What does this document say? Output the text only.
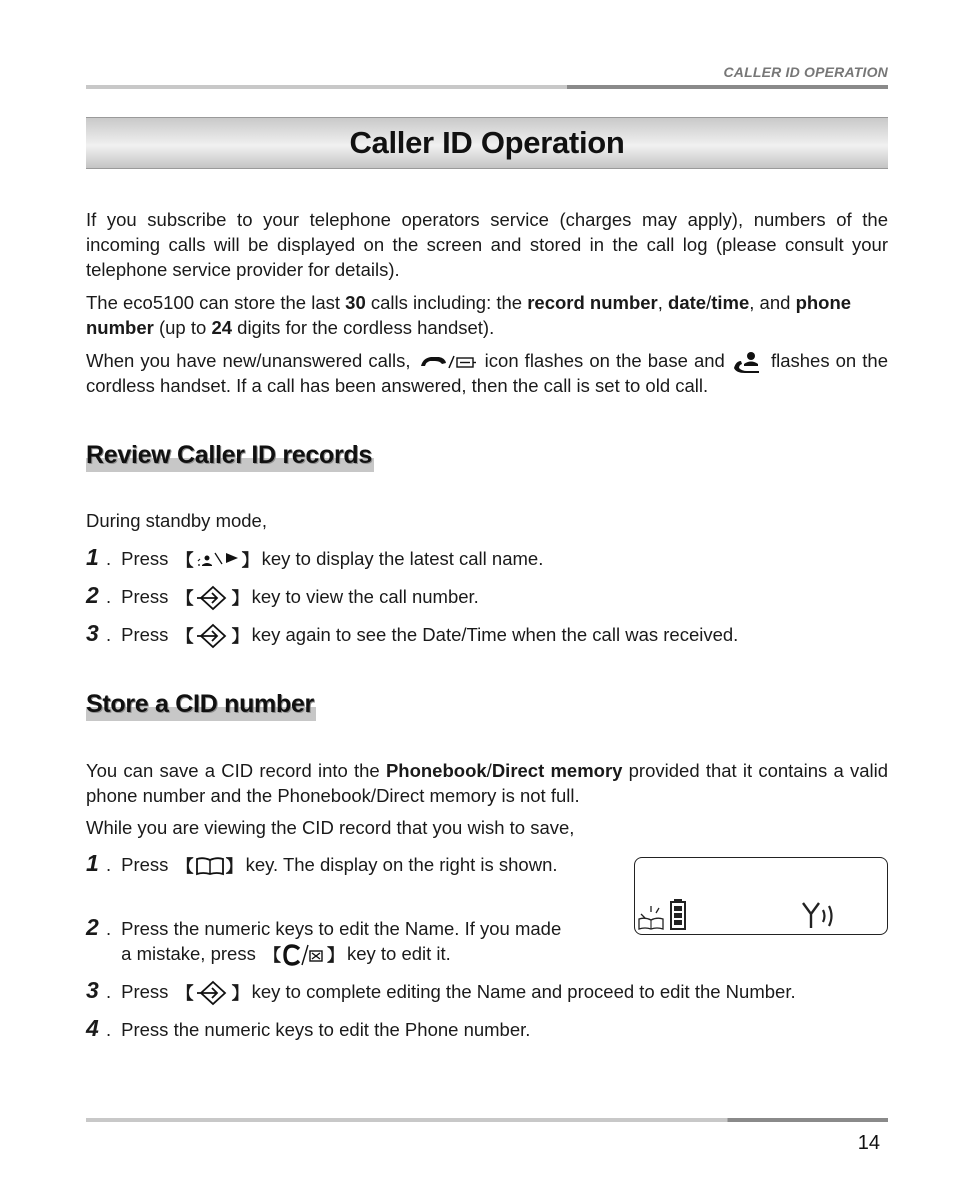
CALLER ID OPERATION
Caller ID Operation

If you subscribe to your telephone operators service (charges may apply), numbers of the incoming calls will be displayed on the screen and stored in the call log (please consult your telephone service provider for details).

The eco5100 can store the last 30 calls including: the record number, date/time, and phone number (up to 24 digits for the cordless handset).

When you have new/unanswered calls,	icon flashes on the base and
flashes on the cordless handset. If a call has been answered, then the call is set to old call.

Review Caller ID records

During standby mode,

1 . Press 【	】 key to display the latest call name.
2 . Press 【 】 key to view the call number.
3 . Press 【 】 key again to see the Date/Time when the call was received.
Store a CID number

You can save a CID record into the Phonebook/Direct memory provided that it contains a valid phone number and the Phonebook/Direct memory is not full.

While you are viewing the CID record that you wish to save,

1 . Press 【 】 key. The display on the right is shown.
2 . Press the numeric keys to edit the Name. If you made a mistake, press 【	】 key to edit it.
3 . Press 【 】 key to complete editing the Name and proceed to edit the Number.
4 . Press the numeric keys to edit the Phone number.
14
